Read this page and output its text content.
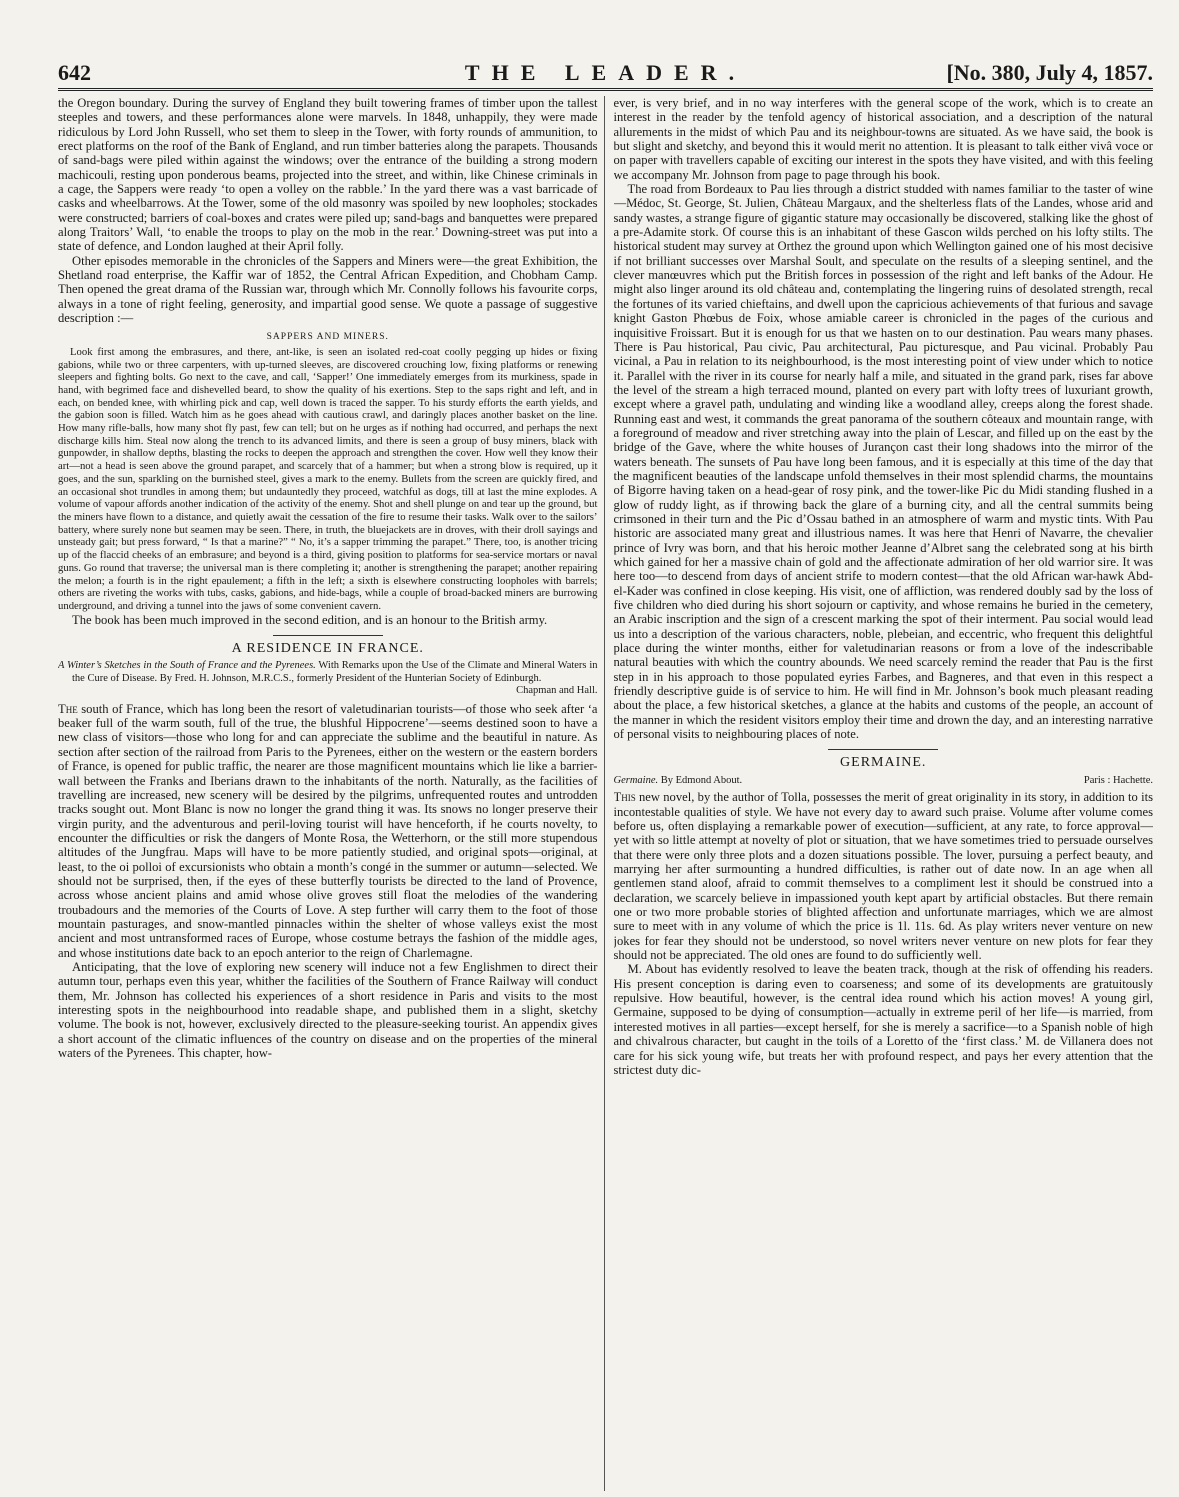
642	THE LEADER.	[No. 380, July 4, 1857.

the Oregon boundary. During the survey of England they built towering frames of timber upon the tallest steeples and towers, and these performances alone were marvels. In 1848, unhappily, they were made ridiculous by Lord John Russell, who set them to sleep in the Tower, with forty rounds of ammunition, to erect platforms on the roof of the Bank of England, and run timber batteries along the parapets. Thousands of sand-bags were piled within against the windows; over the entrance of the building a strong modern machicouli, resting upon ponderous beams, projected into the street, and within, like Chinese criminals in a cage, the Sappers were ready ‘to open a volley on the rabble.’ In the yard there was a vast barricade of casks and wheelbarrows. At the Tower, some of the old masonry was spoiled by new loopholes; stockades were constructed; barriers of coal-boxes and crates were piled up; sand-bags and banquettes were prepared along Traitors’ Wall, ‘to enable the troops to play on the mob in the rear.’ Downing-street was put into a state of defence, and London laughed at their April folly.

Other episodes memorable in the chronicles of the Sappers and Miners were—the great Exhibition, the Shetland road enterprise, the Kaffir war of 1852, the Central African Expedition, and Chobham Camp. Then opened the great drama of the Russian war, through which Mr. Connolly follows his favourite corps, always in a tone of right feeling, generosity, and impartial good sense. We quote a passage of suggestive description :—

SAPPERS AND MINERS.

Look first among the embrasures, and there, ant-like, is seen an isolated red-coat coolly pegging up hides or fixing gabions, while two or three carpenters, with up-turned sleeves, are discovered crouching low, fixing platforms or renewing sleepers and fighting bolts. Go next to the cave, and call, ‘Sapper!’ One immediately emerges from its murkiness, spade in hand, with begrimed face and dishevelled beard, to show the quality of his exertions. Step to the saps right and left, and in each, on bended knee, with whirling pick and cap, well down is traced the sapper. To his sturdy efforts the earth yields, and the gabion soon is filled. Watch him as he goes ahead with cautious crawl, and daringly places another basket on the line. How many rifle-balls, how many shot fly past, few can tell; but on he urges as if nothing had occurred, and perhaps the next discharge kills him. Steal now along the trench to its advanced limits, and there is seen a group of busy miners, black with gunpowder, in shallow depths, blasting the rocks to deepen the approach and strengthen the cover. How well they know their art—not a head is seen above the ground parapet, and scarcely that of a hammer; but when a strong blow is required, up it goes, and the sun, sparkling on the burnished steel, gives a mark to the enemy. Bullets from the screen are quickly fired, and an occasional shot trundles in among them; but undauntedly they proceed, watchful as dogs, till at last the mine explodes. A volume of vapour affords another indication of the activity of the enemy. Shot and shell plunge on and tear up the ground, but the miners have flown to a distance, and quietly await the cessation of the fire to resume their tasks. Walk over to the sailors’ battery, where surely none but seamen may be seen. There, in truth, the bluejackets are in droves, with their droll sayings and unsteady gait; but press forward, “ Is that a marine?” “ No, it’s a sapper trimming the parapet.” There, too, is another tricing up of the flaccid cheeks of an embrasure; and beyond is a third, giving position to platforms for sea-service mortars or naval guns. Go round that traverse; the universal man is there completing it; another is strengthening the parapet; another repairing the melon; a fourth is in the right epaulement; a fifth in the left; a sixth is elsewhere constructing loopholes with barrels; others are riveting the works with tubs, casks, gabions, and hide-bags, while a couple of broad-backed miners are burrowing underground, and driving a tunnel into the jaws of some convenient cavern.

The book has been much improved in the second edition, and is an honour to the British army.

A RESIDENCE IN FRANCE.
A Winter’s Sketches in the South of France and the Pyrenees. With Remarks upon the Use of the Climate and Mineral Waters in the Cure of Disease. By Fred. H. Johnson, M.R.C.S., formerly President of the Hunterian Society of Edinburgh.
Chapman and Hall.

The south of France, which has long been the resort of valetudinarian tourists—of those who seek after ‘a beaker full of the warm south, full of the true, the blushful Hippocrene’—seems destined soon to have a new class of visitors—those who long for and can appreciate the sublime and the beautiful in nature. As section after section of the railroad from Paris to the Pyrenees, either on the western or the eastern borders of France, is opened for public traffic, the nearer are those magnificent mountains which lie like a barrier-wall between the Franks and Iberians drawn to the inhabitants of the north. Naturally, as the facilities of travelling are increased, new scenery will be desired by the pilgrims, unfrequented routes and untrodden tracks sought out. Mont Blanc is now no longer the grand thing it was. Its snows no longer preserve their virgin purity, and the adventurous and peril-loving tourist will have henceforth, if he courts novelty, to encounter the difficulties or risk the dangers of Monte Rosa, the Wetterhorn, or the still more stupendous altitudes of the Jungfrau. Maps will have to be more patiently studied, and original spots—original, at least, to the oi polloi of excursionists who obtain a month’s congé in the summer or autumn—selected. We should not be surprised, then, if the eyes of these butterfly tourists be directed to the land of Provence, across whose ancient plains and amid whose olive groves still float the melodies of the wandering troubadours and the memories of the Courts of Love. A step further will carry them to the foot of those mountain pasturages, and snow-mantled pinnacles within the shelter of whose valleys exist the most ancient and most untransformed races of Europe, whose costume betrays the fashion of the middle ages, and whose institutions date back to an epoch anterior to the reign of Charlemagne.

Anticipating, that the love of exploring new scenery will induce not a few Englishmen to direct their autumn tour, perhaps even this year, whither the facilities of the Southern of France Railway will conduct them, Mr. Johnson has collected his experiences of a short residence in Paris and visits to the most interesting spots in the neighbourhood into readable shape, and published them in a slight, sketchy volume. The book is not, however, exclusively directed to the pleasure-seeking tourist. An appendix gives a short account of the climatic influences of the country on disease and on the properties of the mineral waters of the Pyrenees. This chapter, how-

ever, is very brief, and in no way interferes with the general scope of the work, which is to create an interest in the reader by the tenfold agency of historical association, and a description of the natural allurements in the midst of which Pau and its neighbour-towns are situated. As we have said, the book is but slight and sketchy, and beyond this it would merit no attention. It is pleasant to talk either vivâ voce or on paper with travellers capable of exciting our interest in the spots they have visited, and with this feeling we accompany Mr. Johnson from page to page through his book.

The road from Bordeaux to Pau lies through a district studded with names familiar to the taster of wine—Médoc, St. George, St. Julien, Château Margaux, and the shelterless flats of the Landes, whose arid and sandy wastes, a strange figure of gigantic stature may occasionally be discovered, stalking like the ghost of a pre-Adamite stork. Of course this is an inhabitant of these Gascon wilds perched on his lofty stilts. The historical student may survey at Orthez the ground upon which Wellington gained one of his most decisive if not brilliant successes over Marshal Soult, and speculate on the results of a sleeping sentinel, and the clever manœuvres which put the British forces in possession of the right and left banks of the Adour. He might also linger around its old château and, contemplating the lingering ruins of desolated strength, recal the fortunes of its varied chieftains, and dwell upon the capricious achievements of that furious and savage knight Gaston Phœbus de Foix, whose amiable career is chronicled in the pages of the curious and inquisitive Froissart. But it is enough for us that we hasten on to our destination. Pau wears many phases. There is Pau historical, Pau civic, Pau architectural, Pau picturesque, and Pau vicinal. Probably Pau vicinal, a Pau in relation to its neighbourhood, is the most interesting point of view under which to notice it. Parallel with the river in its course for nearly half a mile, and situated in the grand park, rises far above the level of the stream a high terraced mound, planted on every part with lofty trees of luxuriant growth, except where a gravel path, undulating and winding like a woodland alley, creeps along the forest shade. Running east and west, it commands the great panorama of the southern côteaux and mountain range, with a foreground of meadow and river stretching away into the plain of Lescar, and filled up on the east by the bridge of the Gave, where the white houses of Jurançon cast their long shadows into the mirror of the waters beneath. The sunsets of Pau have long been famous, and it is especially at this time of the day that the magnificent beauties of the landscape unfold themselves in their most splendid charms, the mountains of Bigorre having taken on a head-gear of rosy pink, and the tower-like Pic du Midi standing flushed in a glow of ruddy light, as if throwing back the glare of a burning city, and all the central summits being crimsoned in their turn and the Pic d’Ossau bathed in an atmosphere of warm and mystic tints. With Pau historic are associated many great and illustrious names. It was here that Henri of Navarre, the chevalier prince of Ivry was born, and that his heroic mother Jeanne d’Albret sang the celebrated song at his birth which gained for her a massive chain of gold and the affectionate admiration of her old warrior sire. It was here too—to descend from days of ancient strife to modern contest—that the old African war-hawk Abd-el-Kader was confined in close keeping. His visit, one of affliction, was rendered doubly sad by the loss of five children who died during his short sojourn or captivity, and whose remains he buried in the cemetery, an Arabic inscription and the sign of a crescent marking the spot of their interment. Pau social would lead us into a description of the various characters, noble, plebeian, and eccentric, who frequent this delightful place during the winter months, either for valetudinarian reasons or from a love of the indescribable natural beauties with which the country abounds. We need scarcely remind the reader that Pau is the first step in in his approach to those populated eyries Farbes, and Bagneres, and that even in this respect a friendly descriptive guide is of service to him. He will find in Mr. Johnson’s book much pleasant reading about the place, a few historical sketches, a glance at the habits and customs of the people, an account of the manner in which the resident visitors employ their time and drown the day, and an interesting narrative of personal visits to neighbouring places of note.

GERMAINE.
Germaine. By Edmond About.	Paris : Hachette.

This new novel, by the author of Tolla, possesses the merit of great originality in its story, in addition to its incontestable qualities of style. We have not every day to award such praise. Volume after volume comes before us, often displaying a remarkable power of execution—sufficient, at any rate, to force approval—yet with so little attempt at novelty of plot or situation, that we have sometimes tried to persuade ourselves that there were only three plots and a dozen situations possible. The lover, pursuing a perfect beauty, and marrying her after surmounting a hundred difficulties, is rather out of date now. In an age when all gentlemen stand aloof, afraid to commit themselves to a compliment lest it should be construed into a declaration, we scarcely believe in impassioned youth kept apart by artificial obstacles. But there remain one or two more probable stories of blighted affection and unfortunate marriages, which we are almost sure to meet with in any volume of which the price is 1l. 11s. 6d. As play writers never venture on new jokes for fear they should not be understood, so novel writers never venture on new plots for fear they should not be appreciated. The old ones are found to do sufficiently well.

M. About has evidently resolved to leave the beaten track, though at the risk of offending his readers. His present conception is daring even to coarseness; and some of its developments are gratuitously repulsive. How beautiful, however, is the central idea round which his action moves! A young girl, Germaine, supposed to be dying of consumption—actually in extreme peril of her life—is married, from interested motives in all parties—except herself, for she is merely a sacrifice—to a Spanish noble of high and chivalrous character, but caught in the toils of a Loretto of the ‘first class.’ M. de Villanera does not care for his sick young wife, but treats her with profound respect, and pays her every attention that the strictest duty dic-
